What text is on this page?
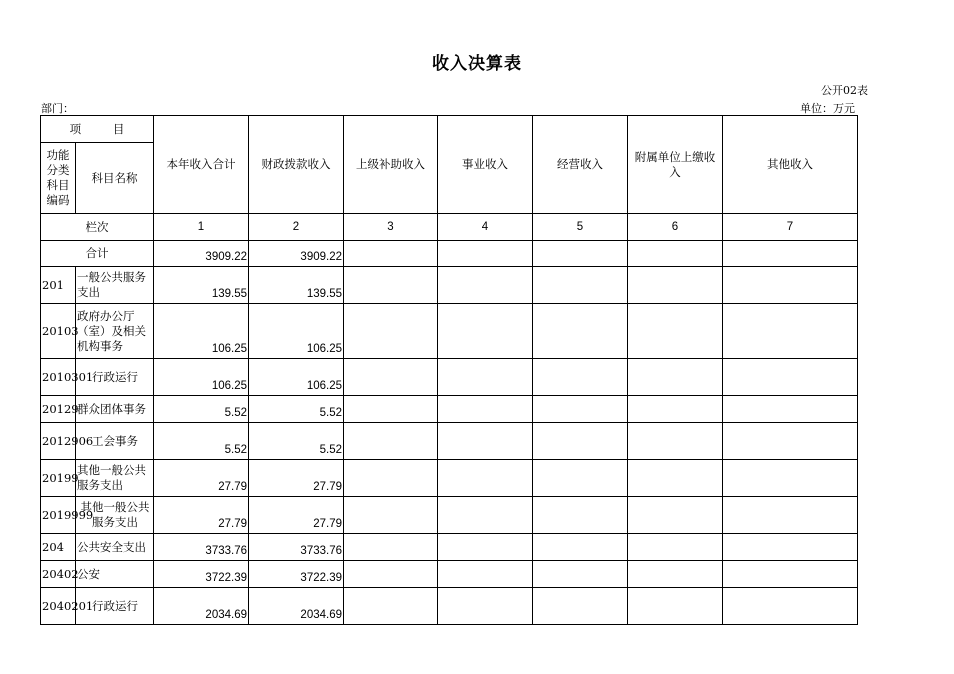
收入决算表
公开02表
部门：	单位：万元
项 目		本年收入合计	财政拨款收入	上级补助收入	事业收入	经营收入	附属单位上缴收入	其他收入
功能分类科目编码	科目名称							
栏次		1	2	3	4	5	6	7
合计		3909.22	3909.22					
201	一般公共服务支出	139.55	139.55					
20103	政府办公厅（室）及相关机构事务	106.25	106.25					
2010301	行政运行	106.25	106.25					
20129	群众团体事务	5.52	5.52					
2012906	工会事务	5.52	5.52					
20199	其他一般公共服务支出	27.79	27.79					
2019999	其他一般公共服务支出	27.79	27.79					
204	公共安全支出	3733.76	3733.76					
20402	公安	3722.39	3722.39					
2040201	行政运行	2034.69	2034.69					
